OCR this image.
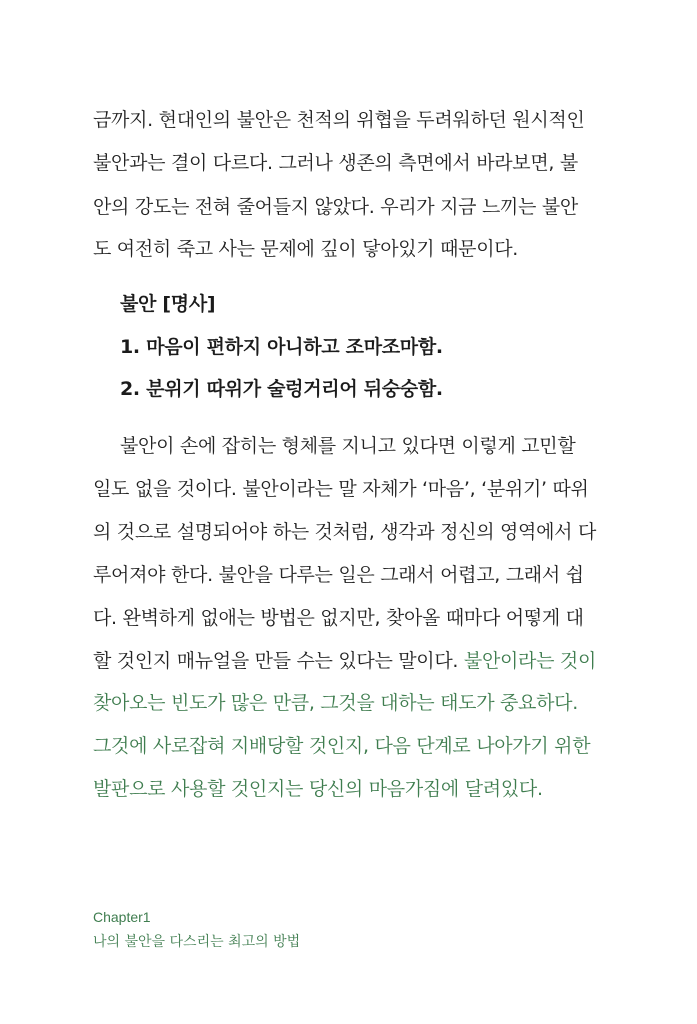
금까지. 현대인의 불안은 천적의 위협을 두려워하던 원시적인
불안과는 결이 다르다. 그러나 생존의 측면에서 바라보면, 불
안의 강도는 전혀 줄어들지 않았다. 우리가 지금 느끼는 불안
도 여전히 죽고 사는 문제에 깊이 닿아있기 때문이다.
불안 [명사]
1. 마음이 편하지 아니하고 조마조마함.
2. 분위기 따위가 술렁거리어 뒤숭숭함.
불안이 손에 잡히는 형체를 지니고 있다면 이렇게 고민할
일도 없을 것이다. 불안이라는 말 자체가 ‘마음’, ‘분위기’ 따위
의 것으로 설명되어야 하는 것처럼, 생각과 정신의 영역에서 다
루어져야 한다. 불안을 다루는 일은 그래서 어렵고, 그래서 쉽
다. 완벽하게 없애는 방법은 없지만, 찾아올 때마다 어떻게 대
할 것인지 매뉴얼을 만들 수는 있다는 말이다. 불안이라는 것이
찾아오는 빈도가 많은 만큼, 그것을 대하는 태도가 중요하다.
그것에 사로잡혀 지배당할 것인지, 다음 단계로 나아가기 위한
발판으로 사용할 것인지는 당신의 마음가짐에 달려있다.
Chapter1
나의 불안을 다스리는 최고의 방법
